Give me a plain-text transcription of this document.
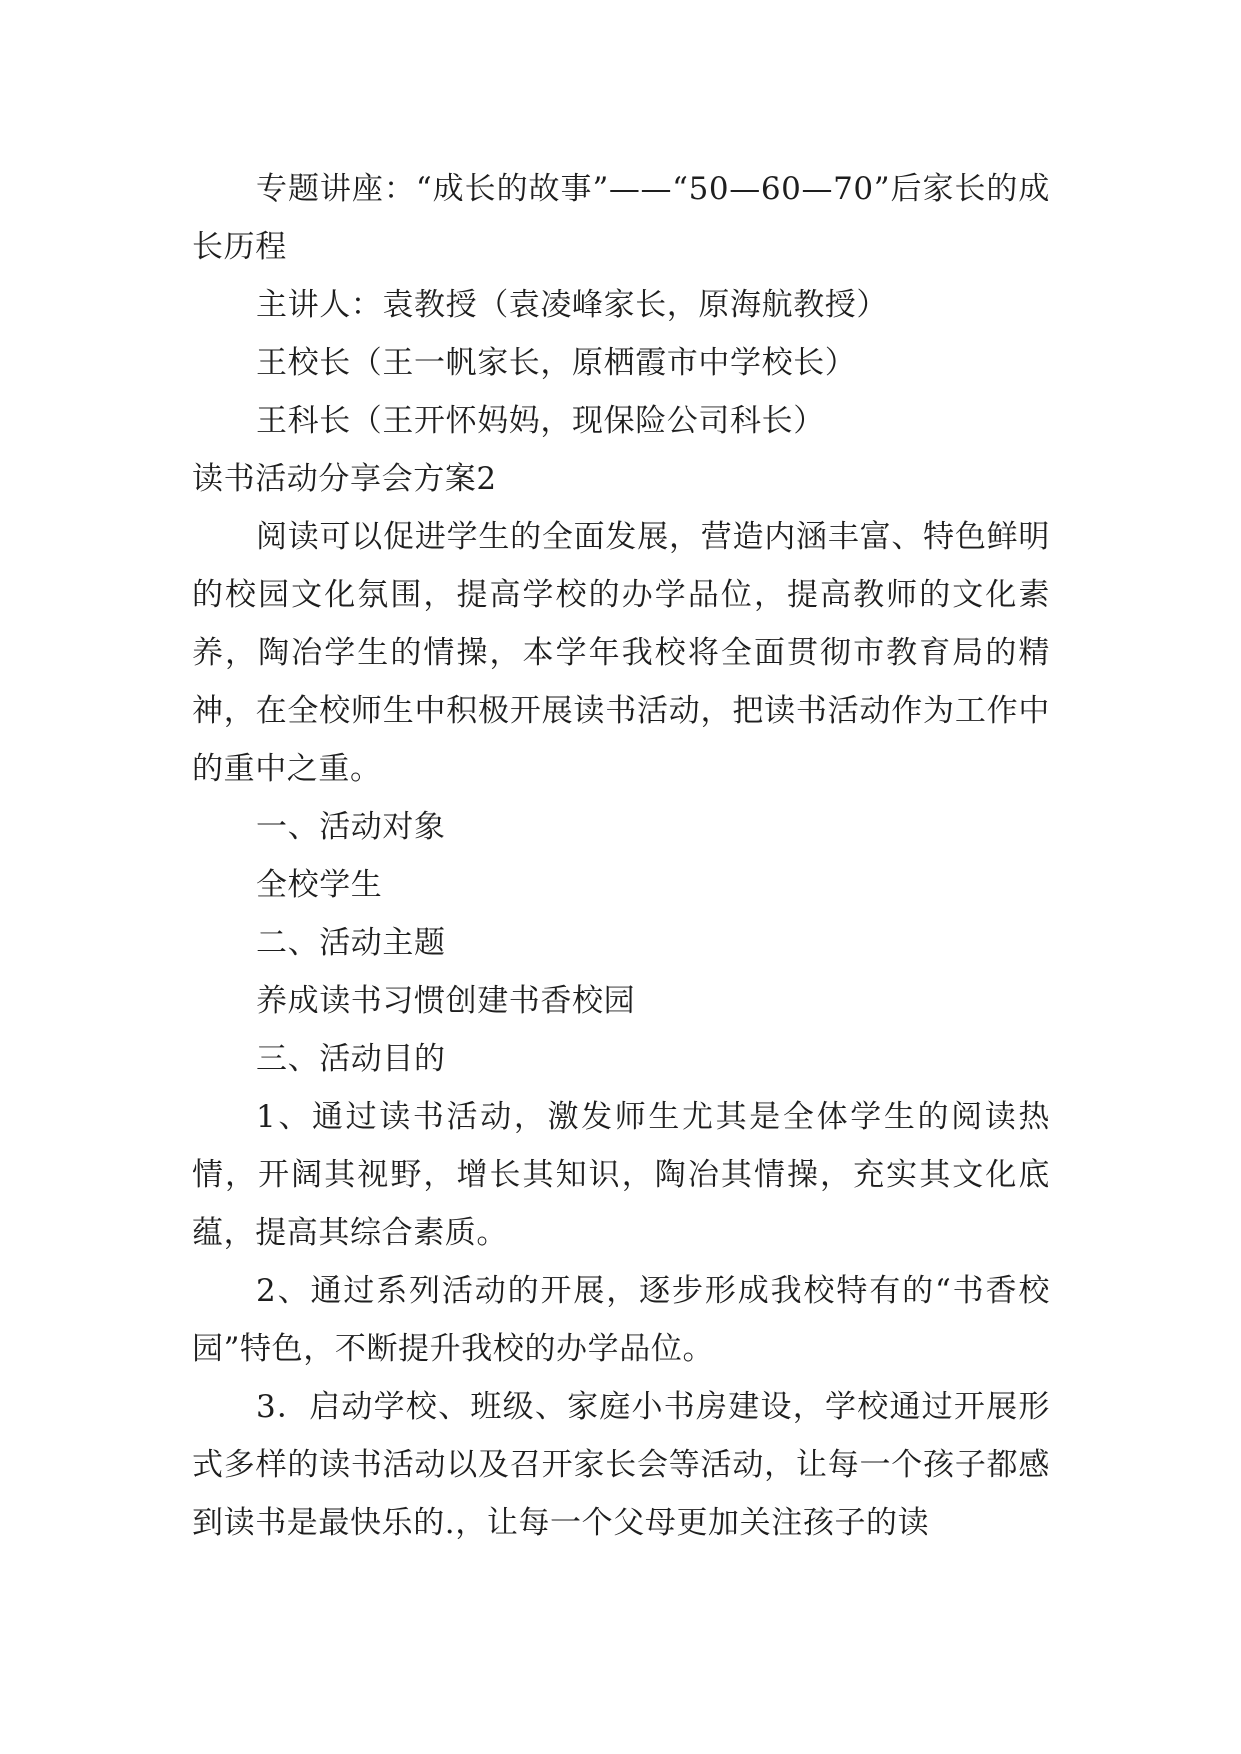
专题讲座：“成长的故事”——“50—60—70”后家长的成长历程

主讲人：袁教授（袁凌峰家长，原海航教授）

王校长（王一帆家长，原栖霞市中学校长）

王科长（王开怀妈妈，现保险公司科长）

读书活动分享会方案2

阅读可以促进学生的全面发展，营造内涵丰富、特色鲜明的校园文化氛围，提高学校的办学品位，提高教师的文化素养，陶冶学生的情操，本学年我校将全面贯彻市教育局的精神，在全校师生中积极开展读书活动，把读书活动作为工作中的重中之重。

一、活动对象

全校学生

二、活动主题

养成读书习惯创建书香校园

三、活动目的

1、通过读书活动，激发师生尤其是全体学生的阅读热情，开阔其视野，增长其知识，陶冶其情操，充实其文化底蕴，提高其综合素质。

2、通过系列活动的开展，逐步形成我校特有的“书香校园”特色，不断提升我校的办学品位。

3．启动学校、班级、家庭小书房建设，学校通过开展形式多样的读书活动以及召开家长会等活动，让每一个孩子都感到读书是最快乐的.，让每一个父母更加关注孩子的读
